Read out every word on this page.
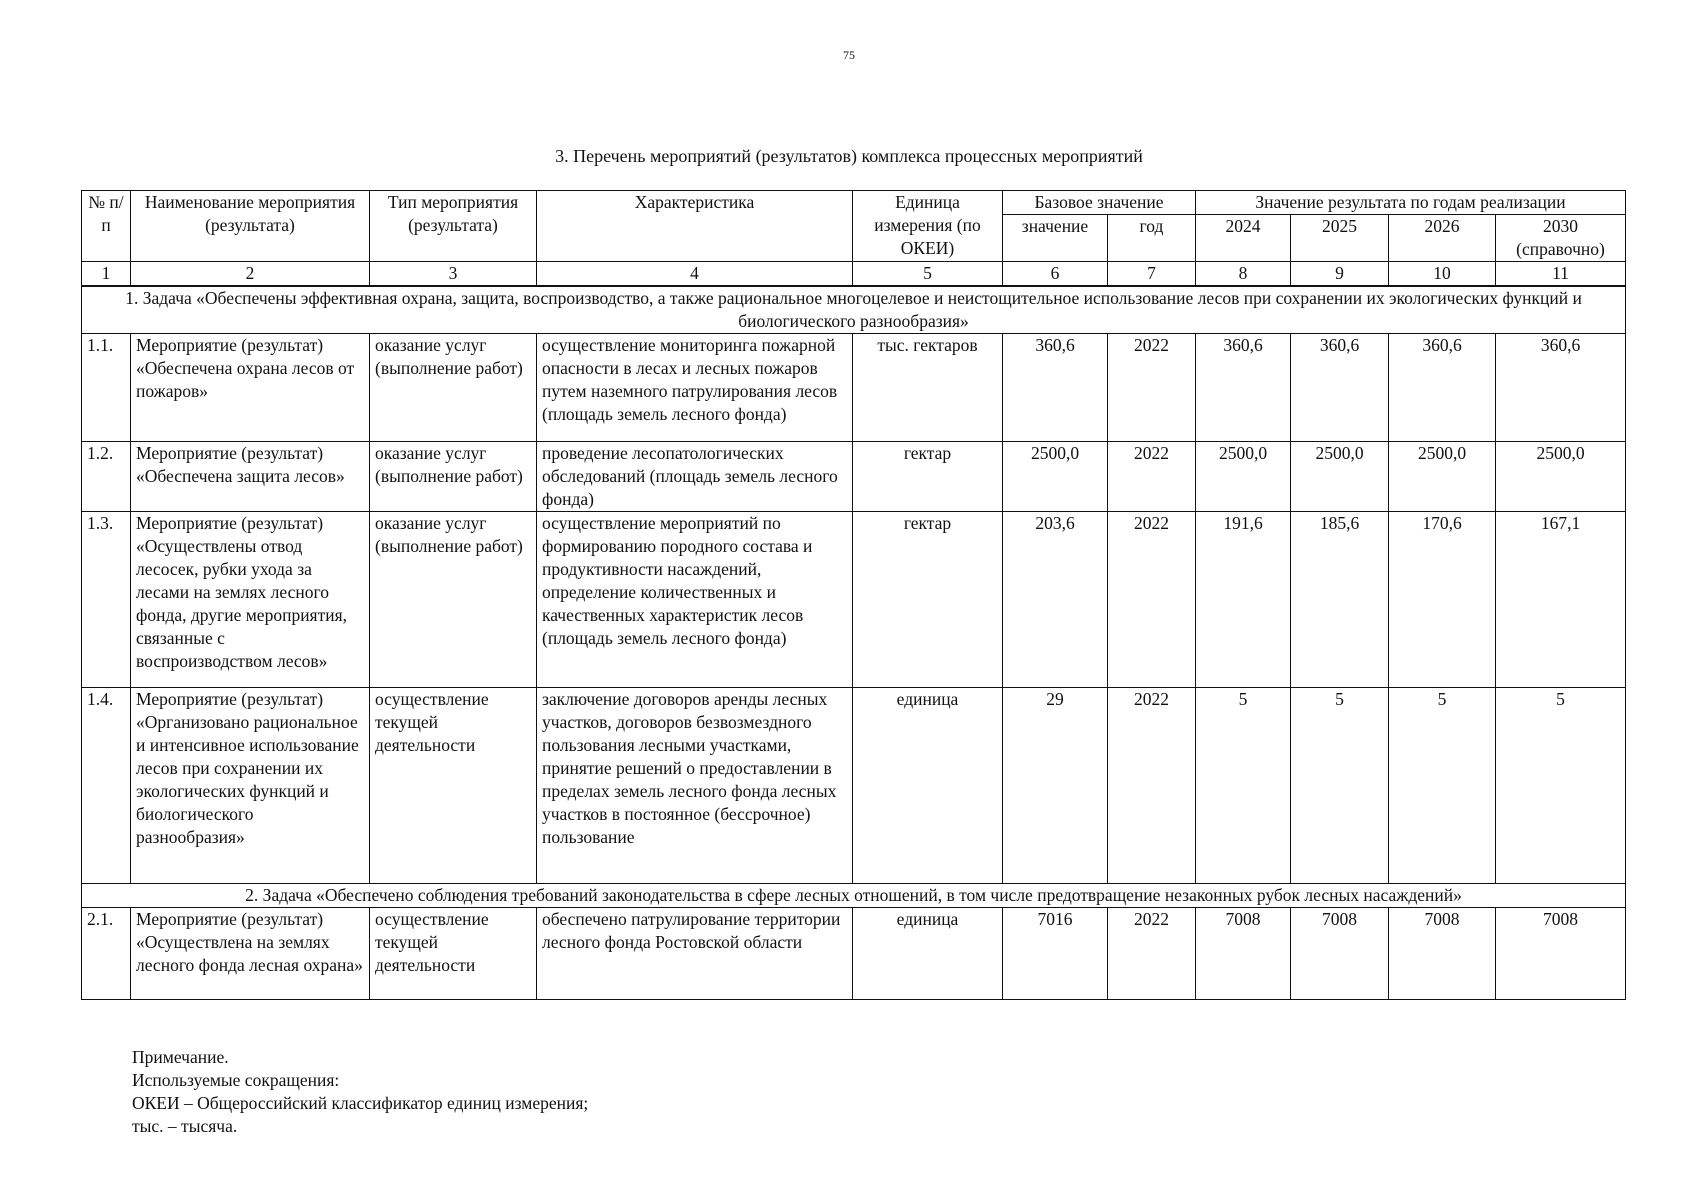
75
3. Перечень мероприятий (результатов) комплекса процессных мероприятий
№ п/п	Наименование мероприятия (результата)	Тип мероприятия (результата)	Характеристика	Единица измерения (по ОКЕИ)	Базовое значение		Значение результата по годам реализации			
					значение	год	2024	2025	2026	2030 (справочно)
1	2	3	4	5	6	7	8	9	10	11
1. Задача «Обеспечены эффективная охрана, защита, воспроизводство, а также рациональное многоцелевое и неистощительное использование лесов при сохранении их экологических функций и биологического разнообразия»										
1.1.	Мероприятие (результат) «Обеспечена охрана лесов от пожаров»	оказание услуг (выполнение работ)	осуществление мониторинга пожарной опасности в лесах и лесных пожаров путем наземного патрулирования лесов (площадь земель лесного фонда)	тыс. гектаров	360,6	2022	360,6	360,6	360,6	360,6
1.2.	Мероприятие (результат) «Обеспечена защита лесов»	оказание услуг (выполнение работ)	проведение лесопатологических обследований (площадь земель лесного фонда)	гектар	2500,0	2022	2500,0	2500,0	2500,0	2500,0
1.3.	Мероприятие (результат) «Осуществлены отвод лесосек, рубки ухода за лесами на землях лесного фонда, другие мероприятия, связанные с воспроизводством лесов»	оказание услуг (выполнение работ)	осуществление мероприятий по формированию породного состава и продуктивности насаждений, определение количественных и качественных характеристик лесов (площадь земель лесного фонда)	гектар	203,6	2022	191,6	185,6	170,6	167,1
1.4.	Мероприятие (результат) «Организовано рациональное и интенсивное использование лесов при сохранении их экологических функций и биологического разнообразия»	осуществление текущей деятельности	заключение договоров аренды лесных участков, договоров безвозмездного пользования лесными участками, принятие решений о предоставлении в пределах земель лесного фонда лесных участков в постоянное (бессрочное) пользование	единица	29	2022	5	5	5	5
2. Задача «Обеспечено соблюдения требований законодательства в сфере лесных отношений, в том числе предотвращение незаконных рубок лесных насаждений»										
2.1.	Мероприятие (результат) «Осуществлена на землях лесного фонда лесная охрана»	осуществление текущей деятельности	обеспечено патрулирование территории лесного фонда Ростовской области	единица	7016	2022	7008	7008	7008	7008
Примечание.
Используемые сокращения:
ОКЕИ – Общероссийский классификатор единиц измерения;
тыс. – тысяча.
